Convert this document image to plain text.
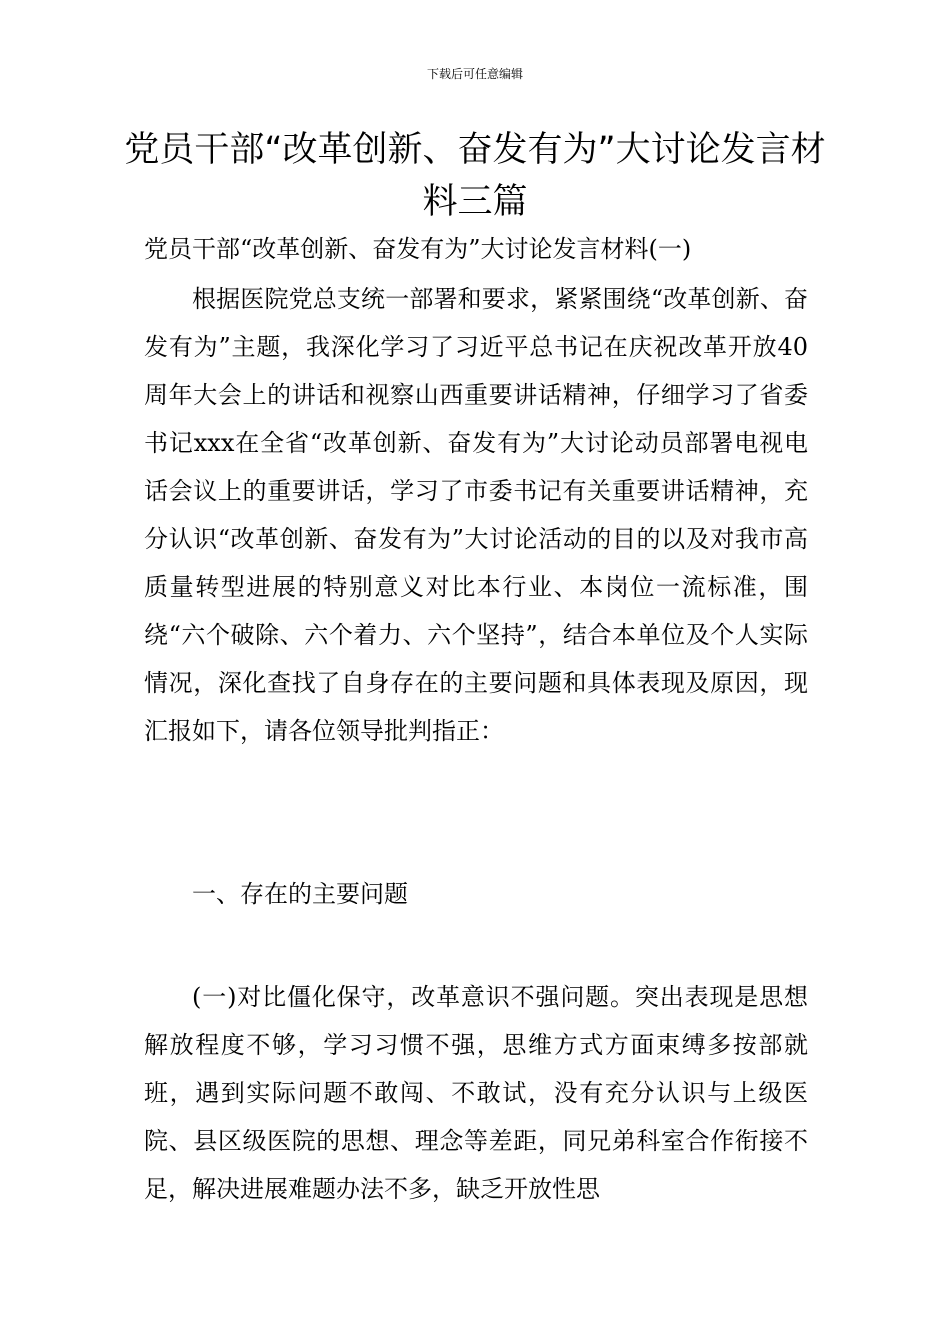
下载后可任意编辑
党员干部“改革创新、奋发有为”大讨论发言材料三篇

党员干部“改革创新、奋发有为”大讨论发言材料(一)

根据医院党总支统一部署和要求，紧紧围绕“改革创新、奋发有为”主题，我深化学习了习近平总书记在庆祝改革开放40周年大会上的讲话和视察山西重要讲话精神，仔细学习了省委书记xxx在全省“改革创新、奋发有为”大讨论动员部署电视电话会议上的重要讲话，学习了市委书记有关重要讲话精神，充分认识“改革创新、奋发有为”大讨论活动的目的以及对我市高质量转型进展的特别意义对比本行业、本岗位一流标准，围绕“六个破除、六个着力、六个坚持”，结合本单位及个人实际情况，深化查找了自身存在的主要问题和具体表现及原因，现汇报如下，请各位领导批判指正：

一、存在的主要问题

(一)对比僵化保守，改革意识不强问题。突出表现是思想解放程度不够，学习习惯不强，思维方式方面束缚多按部就班，遇到实际问题不敢闯、不敢试，没有充分认识与上级医院、县区级医院的思想、理念等差距，同兄弟科室合作衔接不足，解决进展难题办法不多，缺乏开放性思
